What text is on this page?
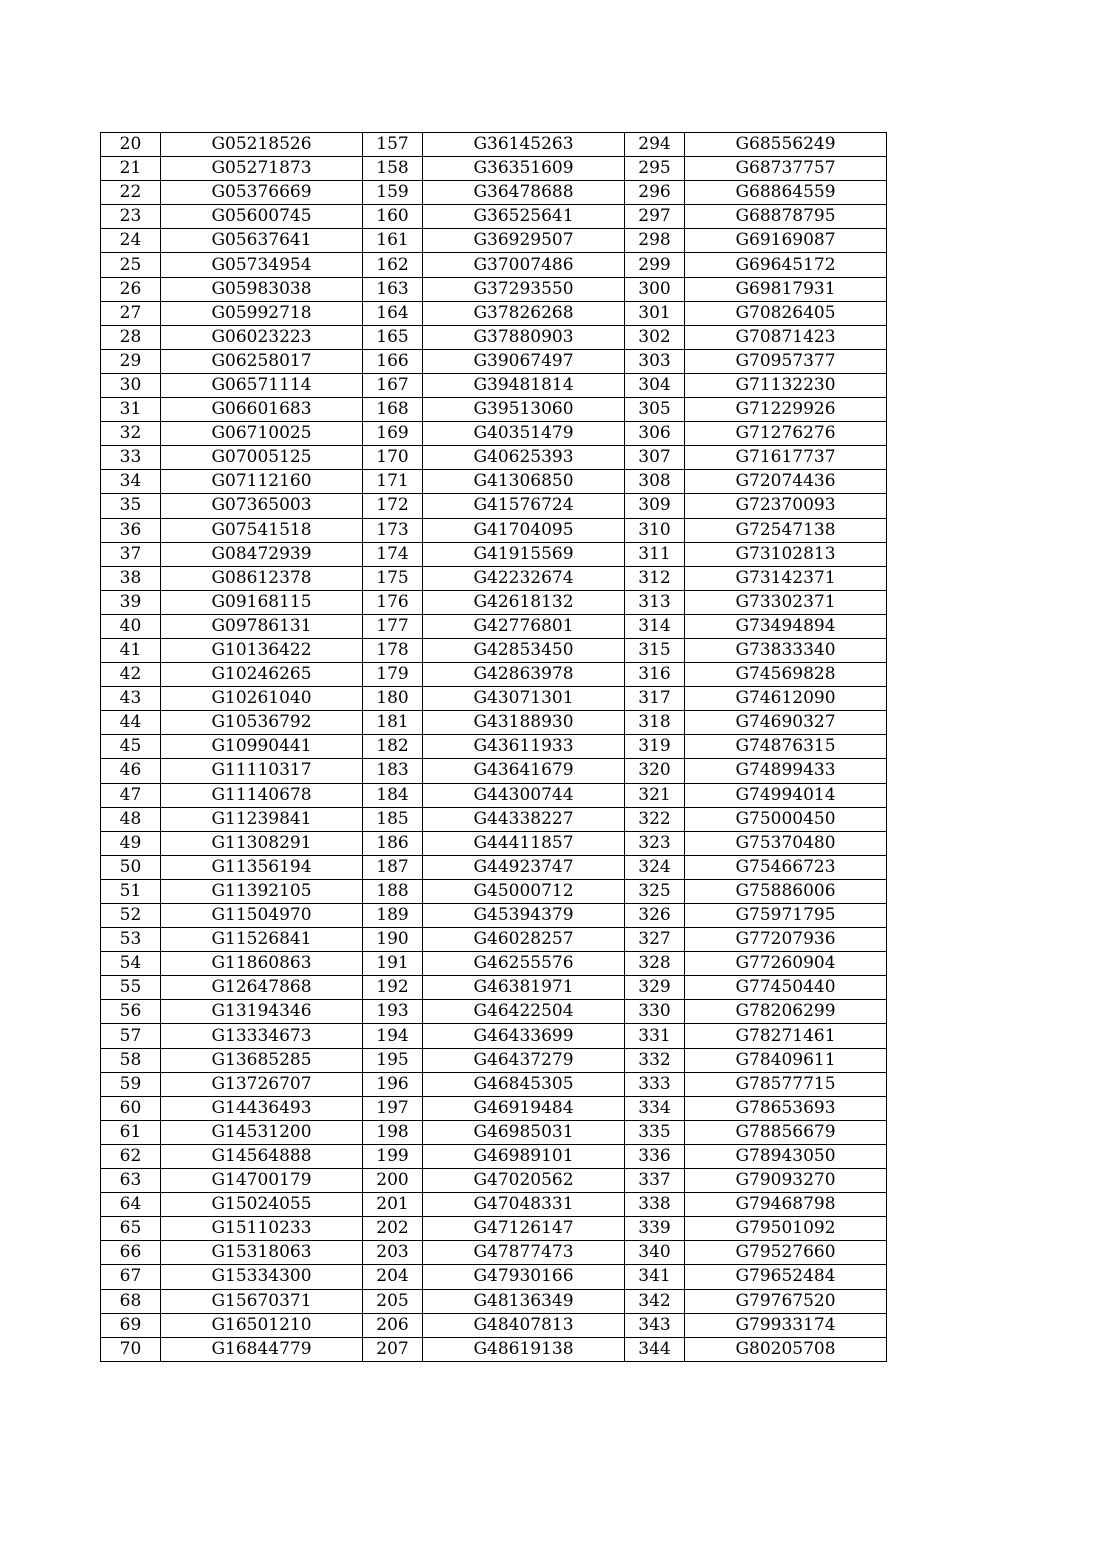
20	G05218526	157	G36145263	294	G68556249
21	G05271873	158	G36351609	295	G68737757
22	G05376669	159	G36478688	296	G68864559
23	G05600745	160	G36525641	297	G68878795
24	G05637641	161	G36929507	298	G69169087
25	G05734954	162	G37007486	299	G69645172
26	G05983038	163	G37293550	300	G69817931
27	G05992718	164	G37826268	301	G70826405
28	G06023223	165	G37880903	302	G70871423
29	G06258017	166	G39067497	303	G70957377
30	G06571114	167	G39481814	304	G71132230
31	G06601683	168	G39513060	305	G71229926
32	G06710025	169	G40351479	306	G71276276
33	G07005125	170	G40625393	307	G71617737
34	G07112160	171	G41306850	308	G72074436
35	G07365003	172	G41576724	309	G72370093
36	G07541518	173	G41704095	310	G72547138
37	G08472939	174	G41915569	311	G73102813
38	G08612378	175	G42232674	312	G73142371
39	G09168115	176	G42618132	313	G73302371
40	G09786131	177	G42776801	314	G73494894
41	G10136422	178	G42853450	315	G73833340
42	G10246265	179	G42863978	316	G74569828
43	G10261040	180	G43071301	317	G74612090
44	G10536792	181	G43188930	318	G74690327
45	G10990441	182	G43611933	319	G74876315
46	G11110317	183	G43641679	320	G74899433
47	G11140678	184	G44300744	321	G74994014
48	G11239841	185	G44338227	322	G75000450
49	G11308291	186	G44411857	323	G75370480
50	G11356194	187	G44923747	324	G75466723
51	G11392105	188	G45000712	325	G75886006
52	G11504970	189	G45394379	326	G75971795
53	G11526841	190	G46028257	327	G77207936
54	G11860863	191	G46255576	328	G77260904
55	G12647868	192	G46381971	329	G77450440
56	G13194346	193	G46422504	330	G78206299
57	G13334673	194	G46433699	331	G78271461
58	G13685285	195	G46437279	332	G78409611
59	G13726707	196	G46845305	333	G78577715
60	G14436493	197	G46919484	334	G78653693
61	G14531200	198	G46985031	335	G78856679
62	G14564888	199	G46989101	336	G78943050
63	G14700179	200	G47020562	337	G79093270
64	G15024055	201	G47048331	338	G79468798
65	G15110233	202	G47126147	339	G79501092
66	G15318063	203	G47877473	340	G79527660
67	G15334300	204	G47930166	341	G79652484
68	G15670371	205	G48136349	342	G79767520
69	G16501210	206	G48407813	343	G79933174
70	G16844779	207	G48619138	344	G80205708
